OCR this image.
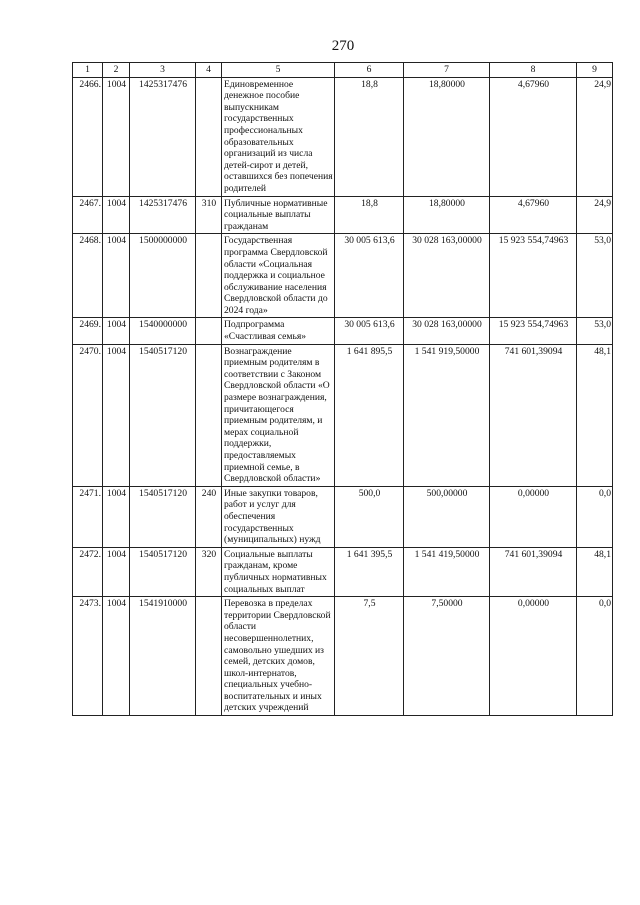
270
1	2	3	4	5	6	7	8	9
2466.	1004	1425317476		Единовременное денежное пособие выпускникам государственных профессиональных образовательных организаций из числа детей-сирот и детей, оставшихся без попечения родителей	18,8	18,80000	4,67960	24,9
2467.	1004	1425317476	310	Публичные нормативные социальные выплаты гражданам	18,8	18,80000	4,67960	24,9
2468.	1004	1500000000		Государственная программа Свердловской области «Социальная поддержка и социальное обслуживание населения Свердловской области до 2024 года»	30 005 613,6	30 028 163,00000	15 923 554,74963	53,0
2469.	1004	1540000000		Подпрограмма «Счастливая семья»	30 005 613,6	30 028 163,00000	15 923 554,74963	53,0
2470.	1004	1540517120		Вознаграждение приемным родителям в соответствии с Законом Свердловской области «О размере вознаграждения, причитающегося приемным родителям, и мерах социальной поддержки, предоставляемых приемной семье, в Свердловской области»	1 641 895,5	1 541 919,50000	741 601,39094	48,1
2471.	1004	1540517120	240	Иные закупки товаров, работ и услуг для обеспечения государственных (муниципальных) нужд	500,0	500,00000	0,00000	0,0
2472.	1004	1540517120	320	Социальные выплаты гражданам, кроме публичных нормативных социальных выплат	1 641 395,5	1 541 419,50000	741 601,39094	48,1
2473.	1004	1541910000		Перевозка в пределах территории Свердловской области несовершеннолетних, самовольно ушедших из семей, детских домов, школ-интернатов, специальных учебно-воспитательных и иных детских учреждений	7,5	7,50000	0,00000	0,0
